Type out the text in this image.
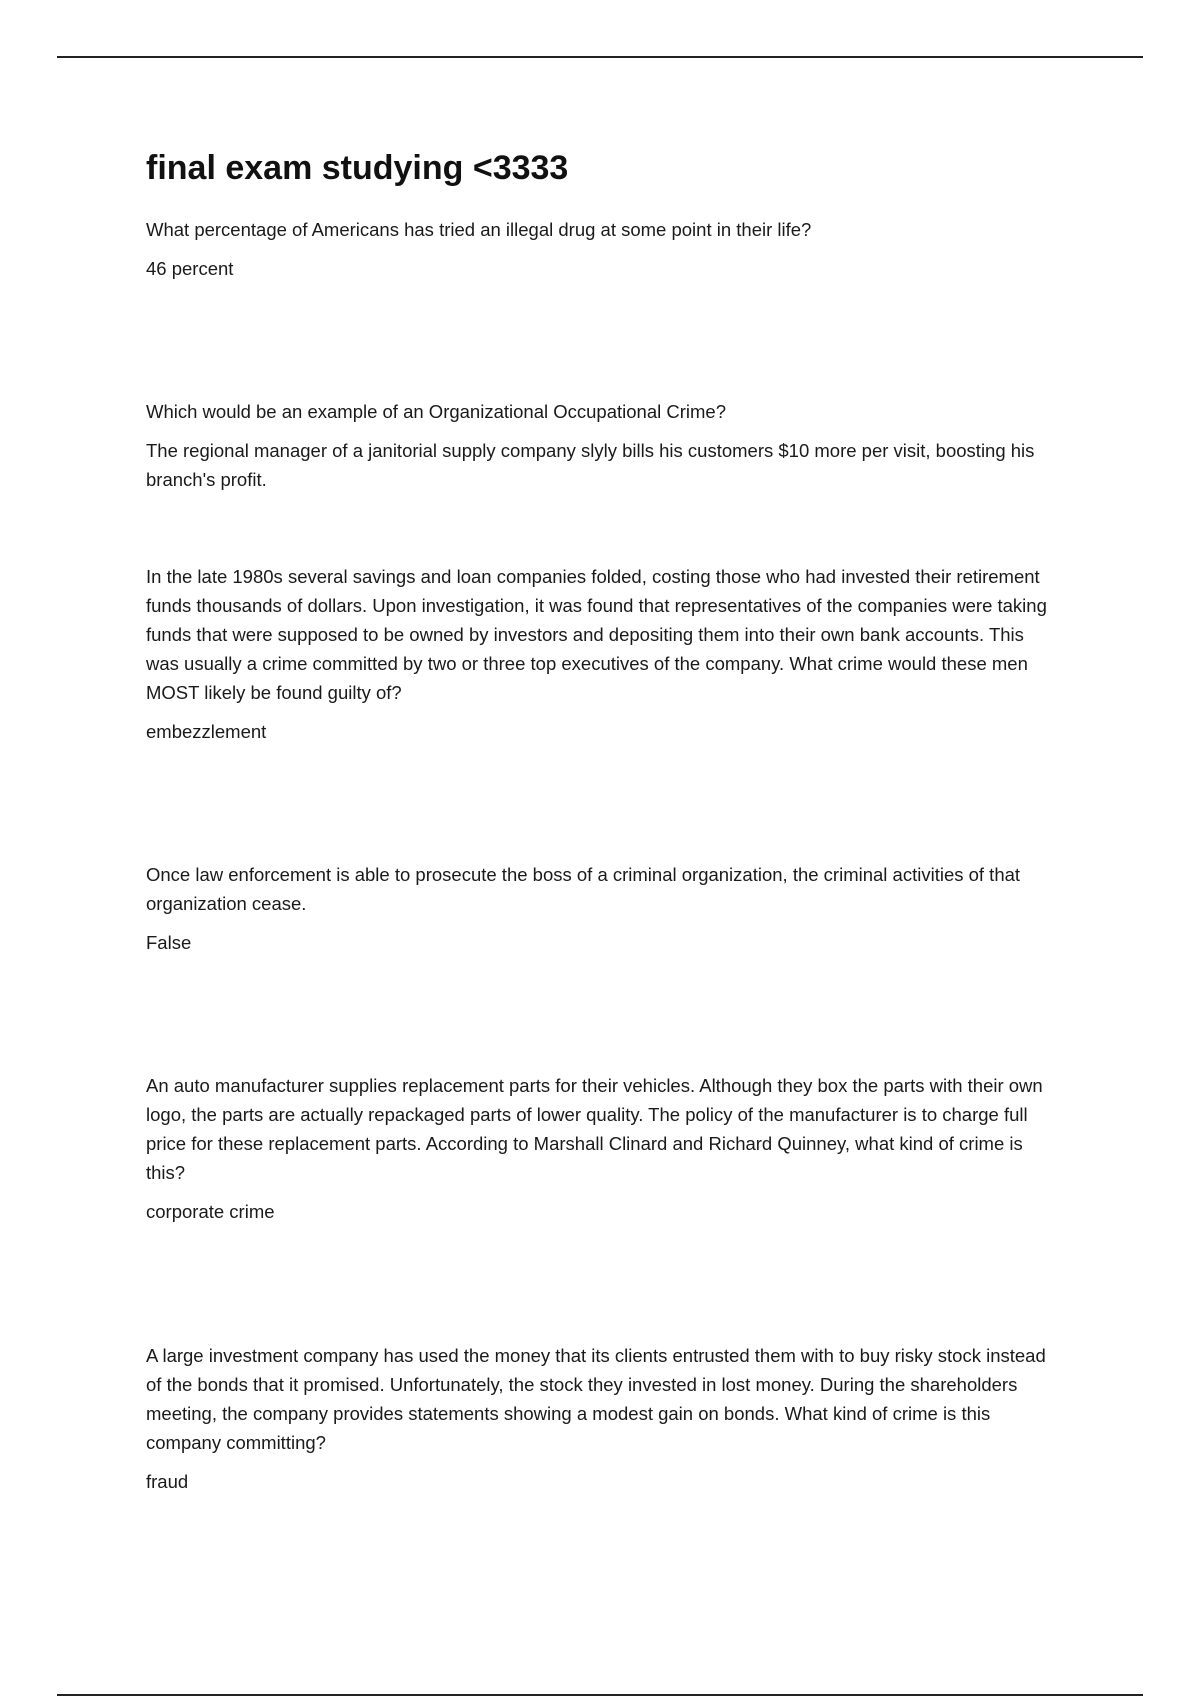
final exam studying <3333

What percentage of Americans has tried an illegal drug at some point in their life?

46 percent

Which would be an example of an Organizational Occupational Crime?

The regional manager of a janitorial supply company slyly bills his customers $10 more per visit, boosting his branch's profit.

In the late 1980s several savings and loan companies folded, costing those who had invested their retirement funds thousands of dollars. Upon investigation, it was found that representatives of the companies were taking funds that were supposed to be owned by investors and depositing them into their own bank accounts. This was usually a crime committed by two or three top executives of the company. What crime would these men MOST likely be found guilty of?

embezzlement

Once law enforcement is able to prosecute the boss of a criminal organization, the criminal activities of that organization cease.

False

An auto manufacturer supplies replacement parts for their vehicles. Although they box the parts with their own logo, the parts are actually repackaged parts of lower quality. The policy of the manufacturer is to charge full price for these replacement parts. According to Marshall Clinard and Richard Quinney, what kind of crime is this?

corporate crime

A large investment company has used the money that its clients entrusted them with to buy risky stock instead of the bonds that it promised. Unfortunately, the stock they invested in lost money. During the shareholders meeting, the company provides statements showing a modest gain on bonds. What kind of crime is this company committing?

fraud
